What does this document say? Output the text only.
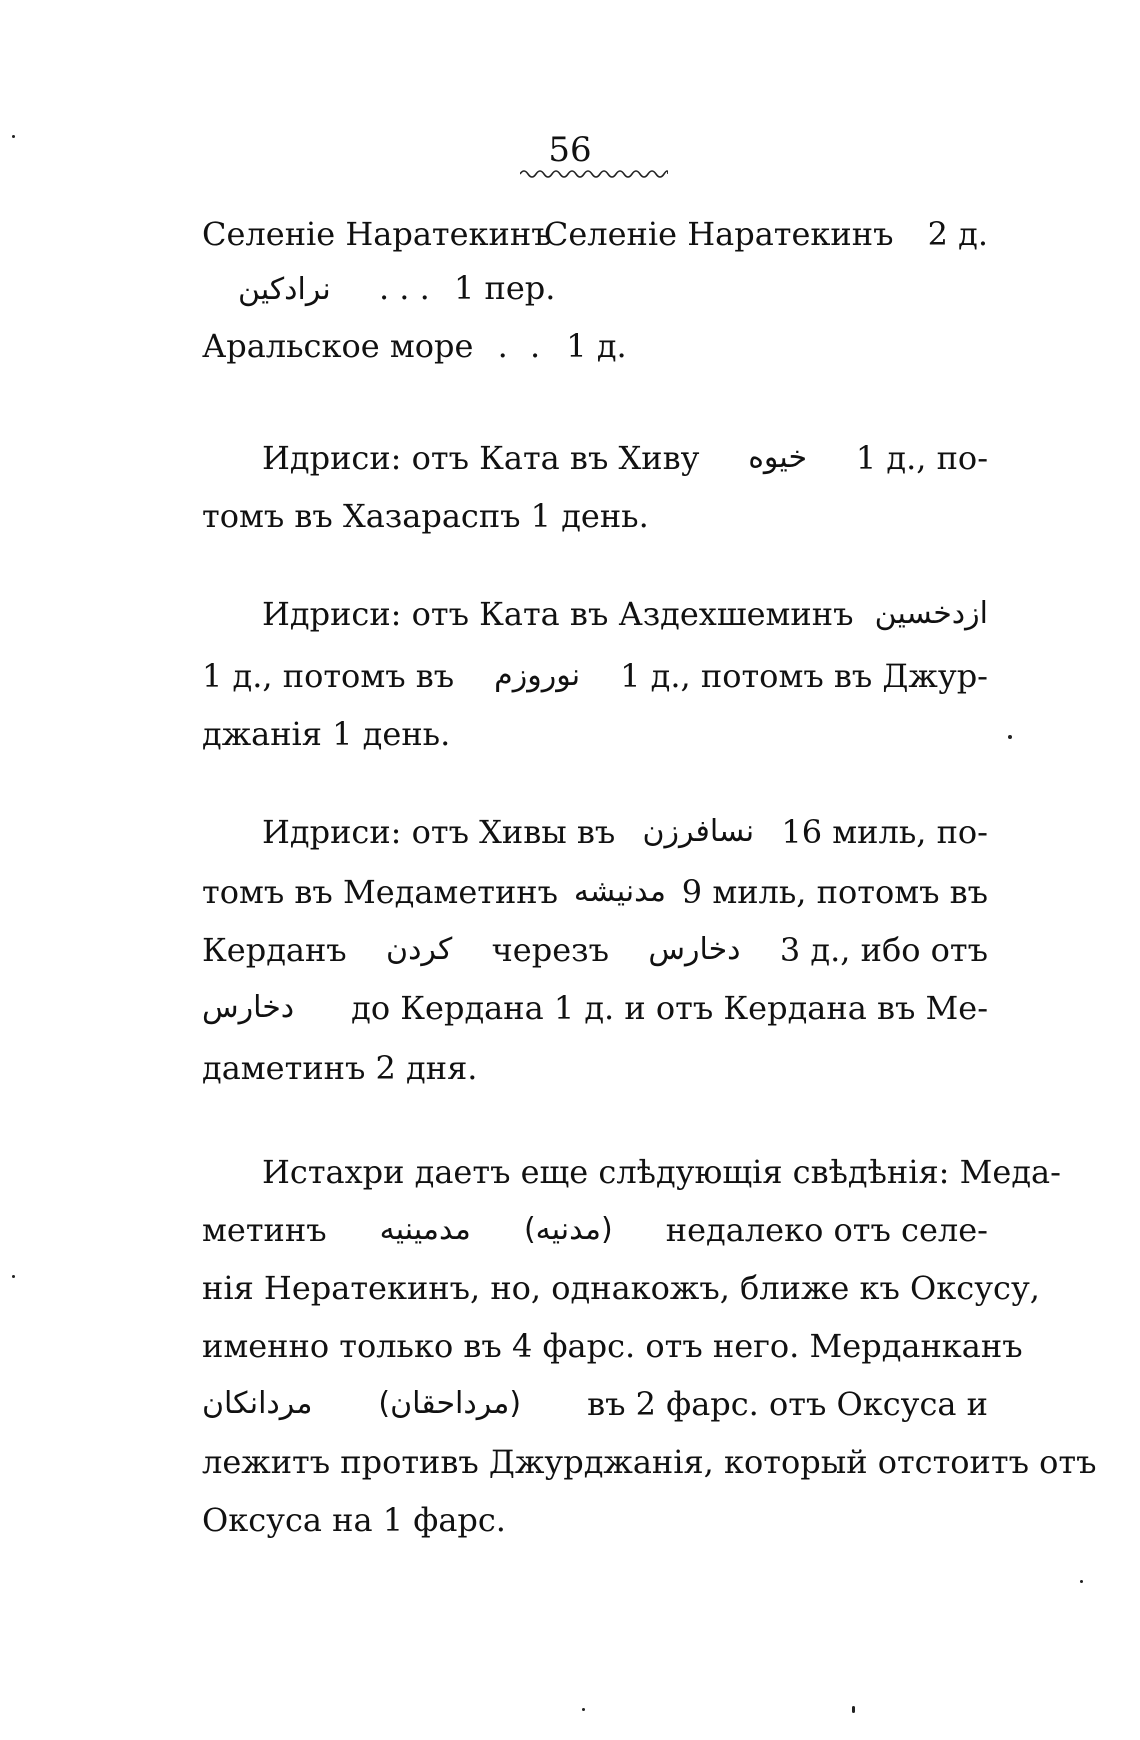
56
Селеніе Наратекинъ
Селеніе Наратекинъ 2 д.
نرادكين . . . 1 пер.
Аральское море . . 1 д.
Идриси: отъ Ката въ Хиву خيوه 1 д., по-
томъ въ Хазараспъ 1 день.
Идриси: отъ Ката въ Аздехшеминъ ازدخسين
1 д., потомъ въ نوروزم 1 д., потомъ въ Джур-
джанія 1 день.
Идриси: отъ Хивы въ نسافرزن 16 миль, по-
томъ въ Медаметинъ مدنيشه 9 миль, потомъ въ
Керданъ كردن черезъ دخارس 3 д., ибо отъ
دخارس до Кердана 1 д. и отъ Кердана въ Ме-
даметинъ 2 дня.
Истахри даетъ еще слѣдующія свѣдѣнія: Меда-
метинъ مدمينيه (مدنيه) недалеко отъ селе-
нія Нератекинъ, но, однакожъ, ближе къ Оксусу,
именно только въ 4 фарс. отъ него. Мерданканъ
مردانكان (مرداحقان) въ 2 фарс. отъ Оксуса и
лежитъ противъ Джурджанія, который отстоитъ отъ
Оксуса на 1 фарс.
